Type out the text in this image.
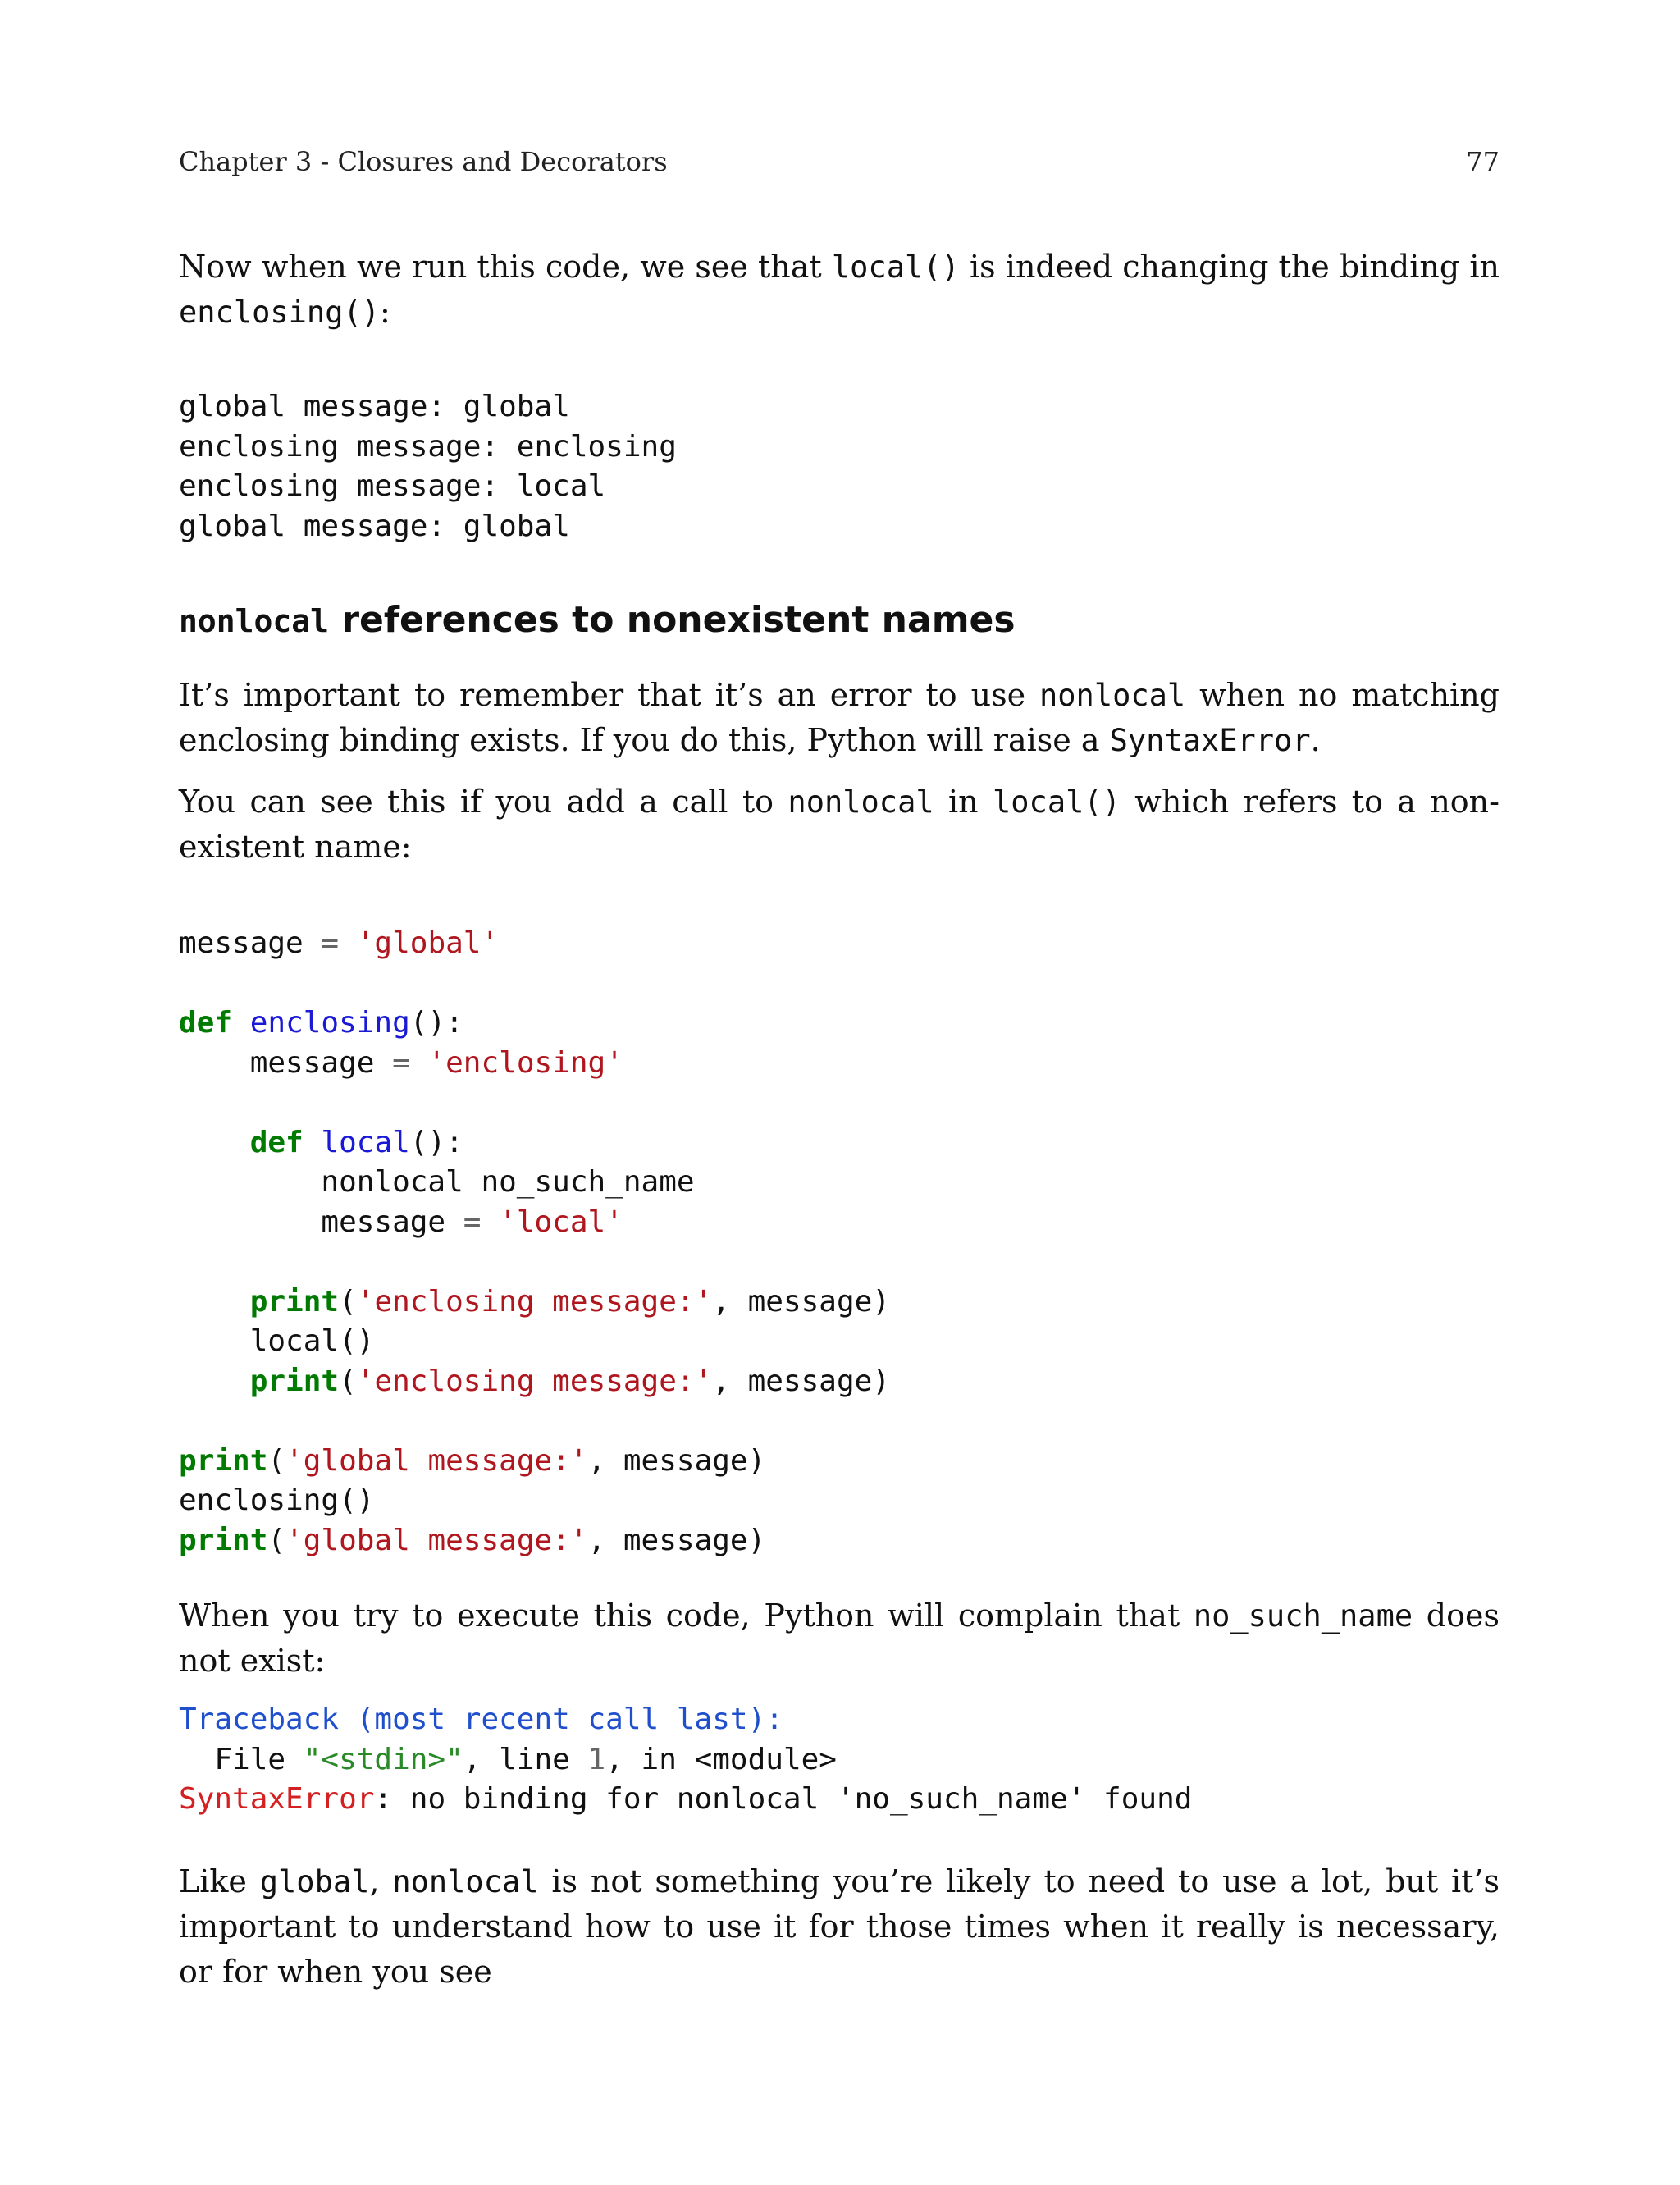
Chapter 3 - Closures and Decorators	77

Now when we run this code, we see that local() is indeed changing the binding in enclosing():

global message: global
enclosing message: enclosing
enclosing message: local
global message: global
nonlocal references to nonexistent names

It’s important to remember that it’s an error to use nonlocal when no matching enclosing binding exists. If you do this, Python will raise a SyntaxError.

You can see this if you add a call to nonlocal in local() which refers to a non-existent name:

message = 'global'

def enclosing():
message = 'enclosing'

def local():
nonlocal no_such_name
message = 'local'

print('enclosing message:', message)
local()
print('enclosing message:', message)

print('global message:', message)
enclosing()
print('global message:', message)

When you try to execute this code, Python will complain that no_such_name does not exist:

Traceback (most recent call last):
File "<stdin>", line 1, in <module>
SyntaxError: no binding for nonlocal 'no_such_name' found

Like global, nonlocal is not something you’re likely to need to use a lot, but it’s important to understand how to use it for those times when it really is necessary, or for when you see
